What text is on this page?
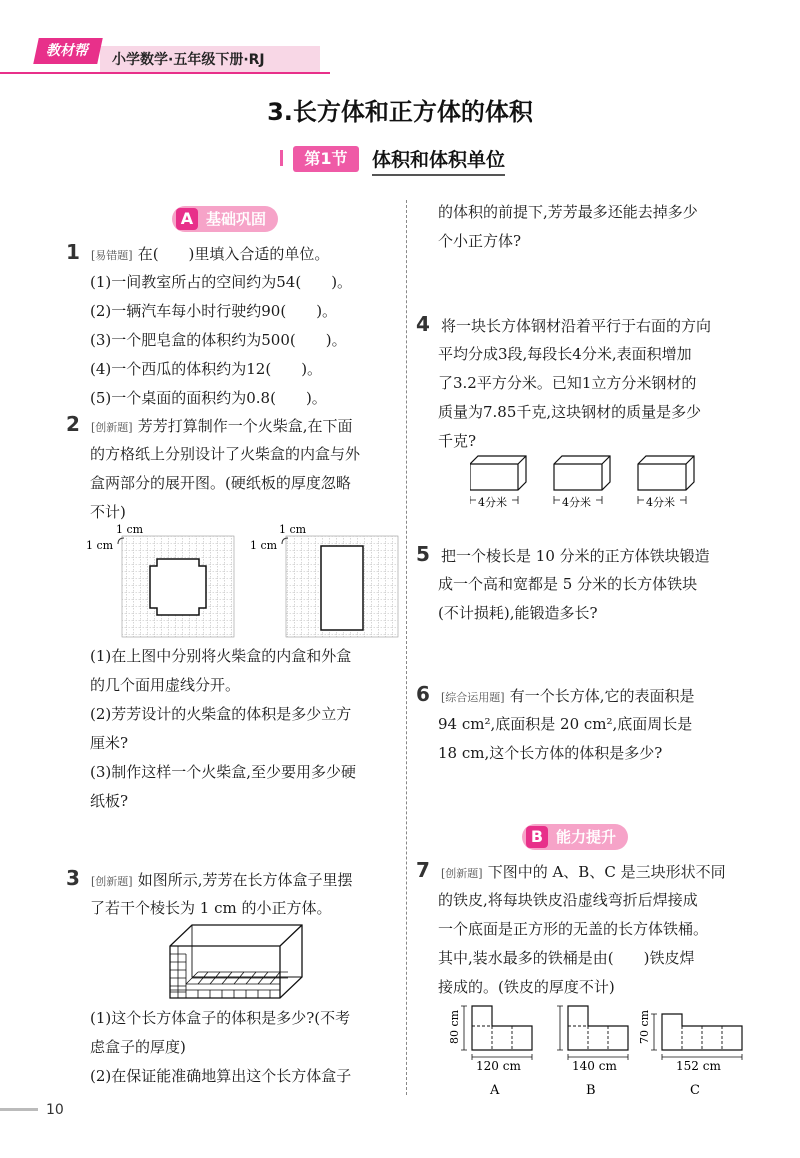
教材帮
小学数学·五年级下册·RJ
3.长方体和正方体的体积
第1节	体积和体积单位
A 基础巩固
1 [易错题] 在(　　)里填入合适的单位。
(1)一间教室所占的空间约为54(　　)。
(2)一辆汽车每小时行驶约90(　　)。
(3)一个肥皂盒的体积约为500(　　)。
(4)一个西瓜的体积约为12(　　)。
(5)一个桌面的面积约为0.8(　　)。
2 [创新题] 芳芳打算制作一个火柴盒,在下面
的方格纸上分别设计了火柴盒的内盒与外
盒两部分的展开图。(硬纸板的厚度忽略
不计)
1 cm
1 cm
1 cm
1 cm
(1)在上图中分别将火柴盒的内盒和外盒
的几个面用虚线分开。
(2)芳芳设计的火柴盒的体积是多少立方
厘米?
(3)制作这样一个火柴盒,至少要用多少硬
纸板?
3 [创新题] 如图所示,芳芳在长方体盒子里摆
了若干个棱长为 1 cm 的小正方体。
(1)这个长方体盒子的体积是多少?(不考
虑盒子的厚度)
(2)在保证能准确地算出这个长方体盒子
的体积的前提下,芳芳最多还能去掉多少
个小正方体?
4 将一块长方体钢材沿着平行于右面的方向
平均分成3段,每段长4分米,表面积增加
了3.2平方分米。已知1立方分米钢材的
质量为7.85千克,这块钢材的质量是多少
千克?
4分米	4分米	4分米
5 把一个棱长是 10 分米的正方体铁块锻造
成一个高和宽都是 5 分米的长方体铁块
(不计损耗),能锻造多长?
6 [综合运用题] 有一个长方体,它的表面积是
94 cm²,底面积是 20 cm²,底面周长是
18 cm,这个长方体的体积是多少?
B 能力提升
7 [创新题] 下图中的 A、B、C 是三块形状不同
的铁皮,将每块铁皮沿虚线弯折后焊接成
一个底面是正方形的无盖的长方体铁桶。
其中,装水最多的铁桶是由(　　)铁皮焊
接成的。(铁皮的厚度不计)
80 cm	70 cm
120 cm	140 cm	152 cm
A	B	C
10
